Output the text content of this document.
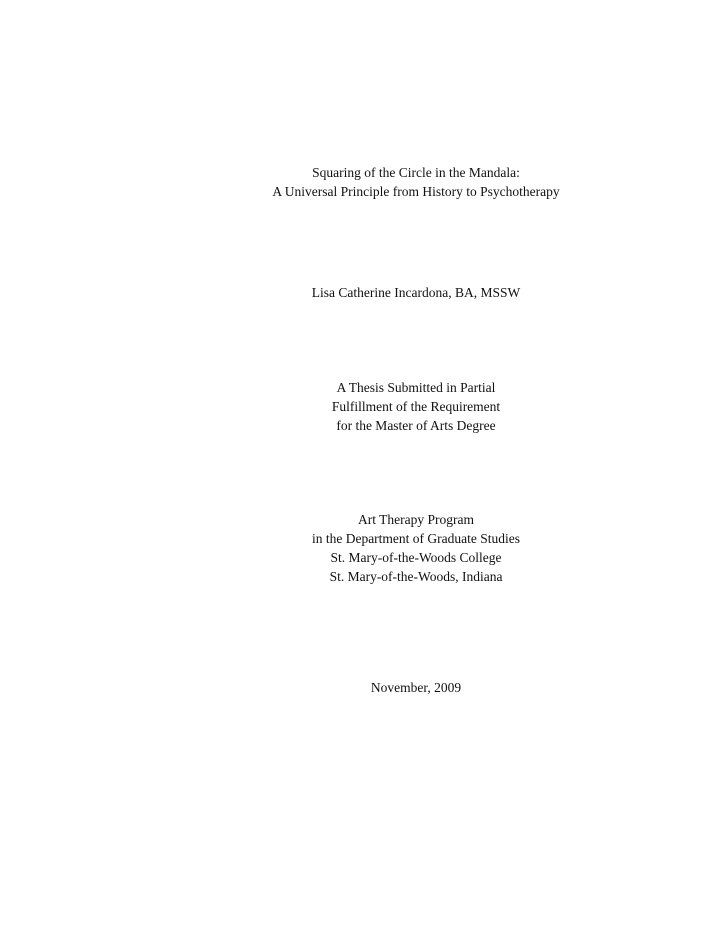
Squaring of the Circle in the Mandala:
A Universal Principle from History to Psychotherapy
Lisa Catherine Incardona, BA, MSSW
A Thesis Submitted in Partial
Fulfillment of the Requirement
for the Master of Arts Degree
Art Therapy Program
in the Department of Graduate Studies
St. Mary-of-the-Woods College
St. Mary-of-the-Woods, Indiana
November, 2009
